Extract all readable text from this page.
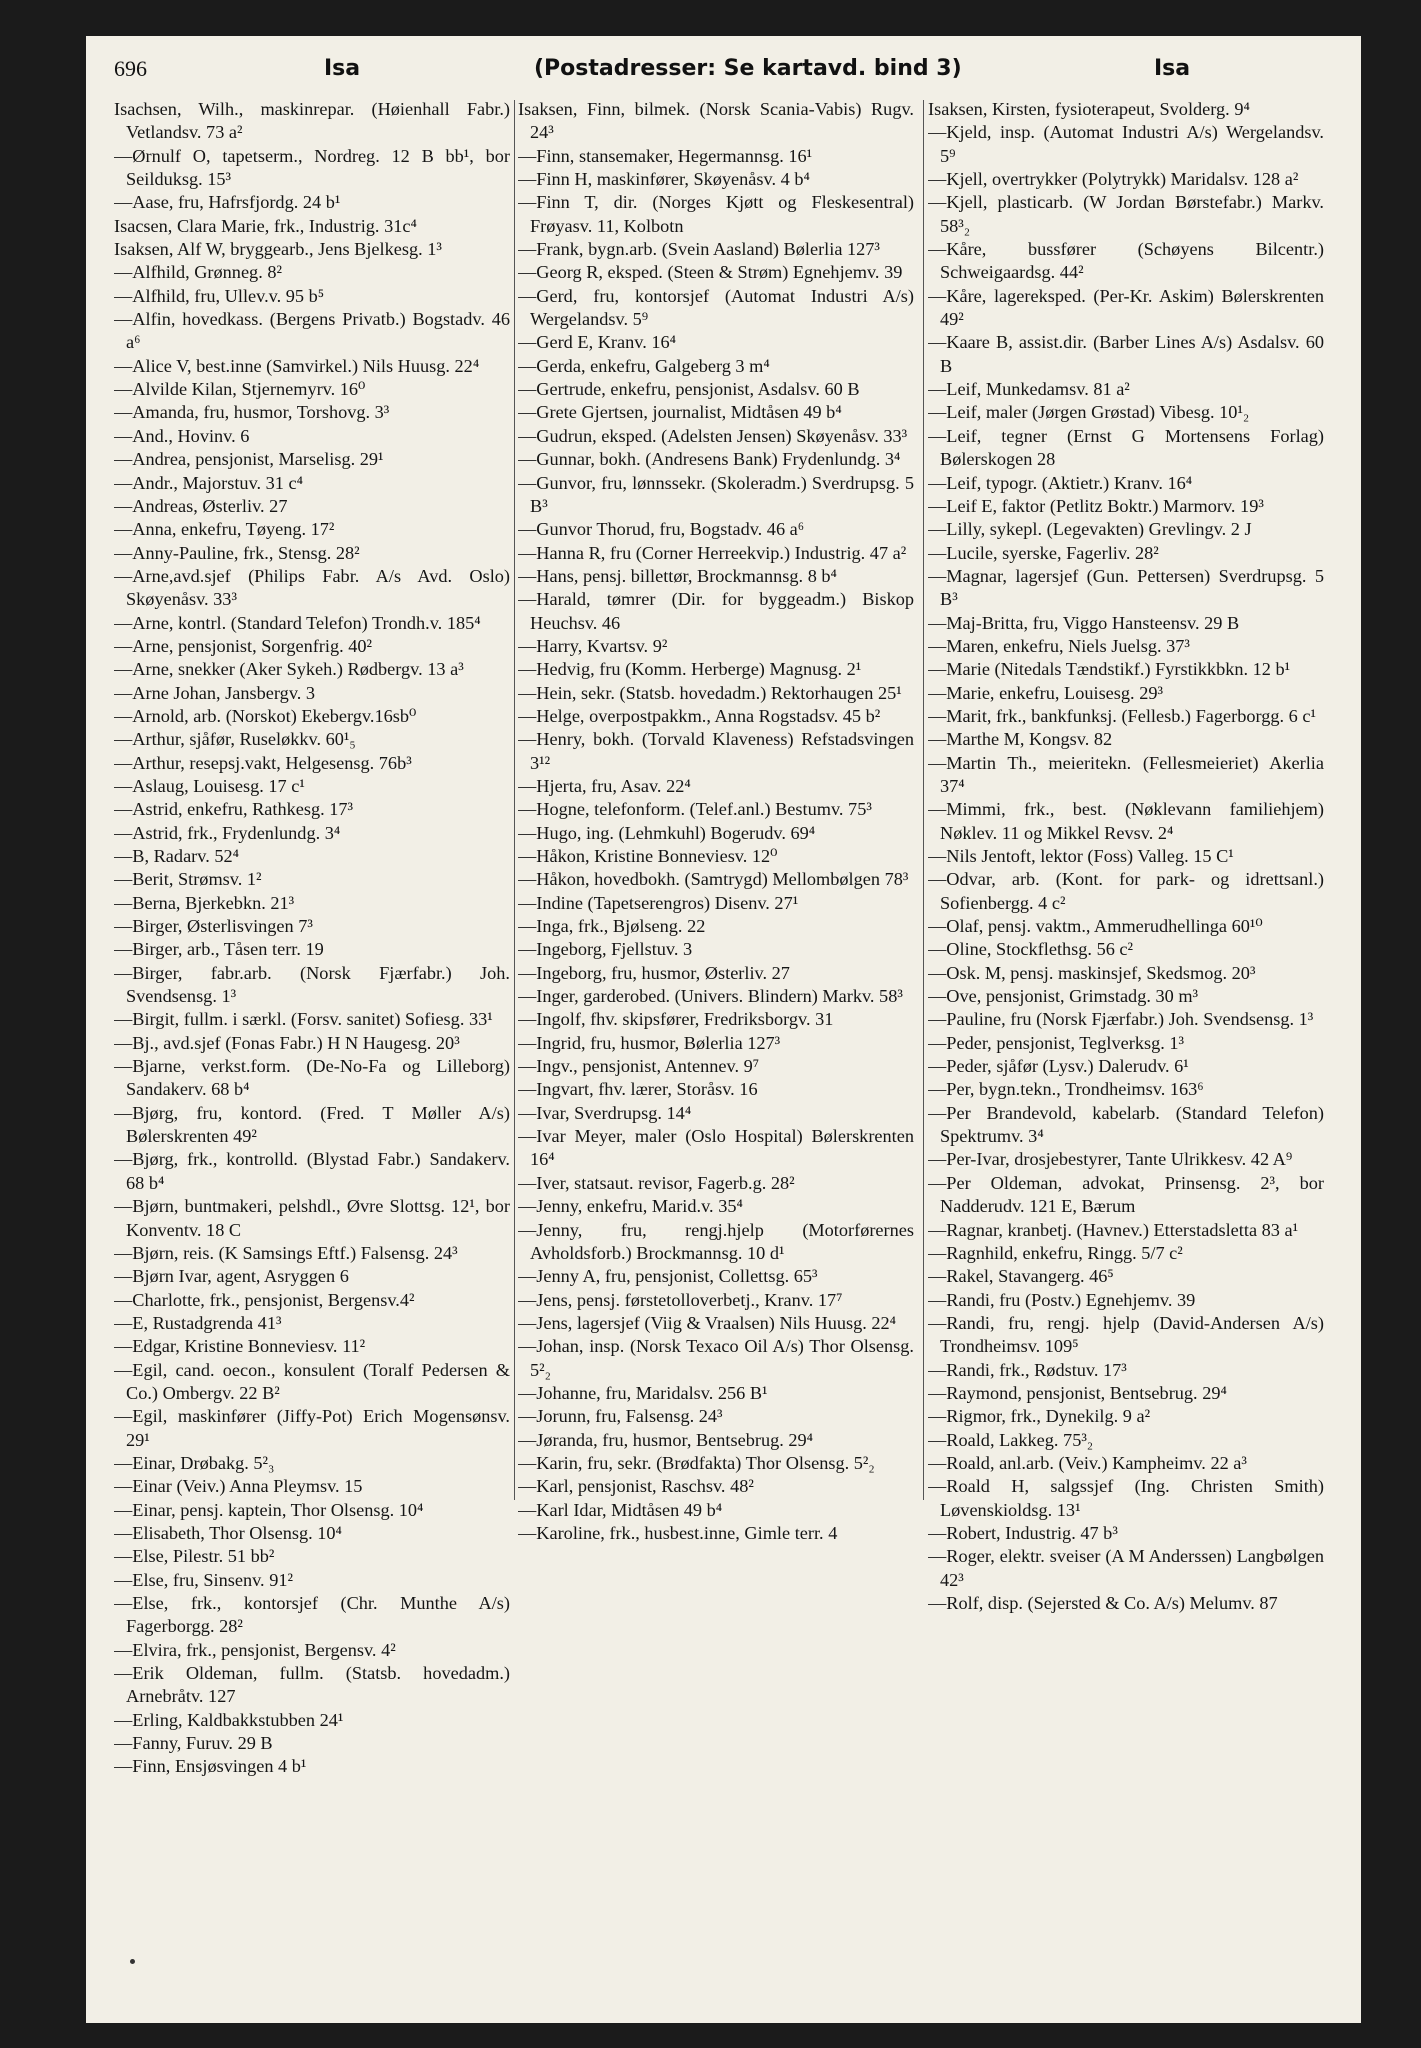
696	Isa	(Postadresser: Se kartavd. bind 3)	Isa

Isachsen, Wilh., maskinrepar. (Høienhall Fabr.) Vetlandsv. 73 a²

—Ørnulf O, tapetserm., Nordreg. 12 B bb¹, bor Seilduksg. 15³

—Aase, fru, Hafrsfjordg. 24 b¹

Isacsen, Clara Marie, frk., Industrig. 31c⁴

Isaksen, Alf W, bryggearb., Jens Bjelkesg. 1³

—Alfhild, Grønneg. 8²

—Alfhild, fru, Ullev.v. 95 b⁵

—Alfin, hovedkass. (Bergens Privatb.) Bogstadv. 46 a⁶

—Alice V, best.inne (Samvirkel.) Nils Huusg. 22⁴

—Alvilde Kilan, Stjernemyrv. 16⁰

—Amanda, fru, husmor, Torshovg. 3³

—And., Hovinv. 6

—Andrea, pensjonist, Marselisg. 29¹

—Andr., Majorstuv. 31 c⁴

—Andreas, Østerliv. 27

—Anna, enkefru, Tøyeng. 17²

—Anny-Pauline, frk., Stensg. 28²

—Arne,avd.sjef (Philips Fabr. A/s Avd. Oslo) Skøyenåsv. 33³

—Arne, kontrl. (Standard Telefon) Trondh.v. 185⁴

—Arne, pensjonist, Sorgenfrig. 40²

—Arne, snekker (Aker Sykeh.) Rødbergv. 13 a³

—Arne Johan, Jansbergv. 3

—Arnold, arb. (Norskot) Ekebergv.16sb⁰

—Arthur, sjåfør, Ruseløkkv. 60¹₅

—Arthur, resepsj.vakt, Helgesensg. 76b³

—Aslaug, Louisesg. 17 c¹

—Astrid, enkefru, Rathkesg. 17³

—Astrid, frk., Frydenlundg. 3⁴

—B, Radarv. 52⁴

—Berit, Strømsv. 1²

—Berna, Bjerkebkn. 21³

—Birger, Østerlisvingen 7³

—Birger, arb., Tåsen terr. 19

—Birger, fabr.arb. (Norsk Fjærfabr.) Joh. Svendsensg. 1³

—Birgit, fullm. i særkl. (Forsv. sanitet) Sofiesg. 33¹

—Bj., avd.sjef (Fonas Fabr.) H N Haugesg. 20³

—Bjarne, verkst.form. (De-No-Fa og Lilleborg) Sandakerv. 68 b⁴

—Bjørg, fru, kontord. (Fred. T Møller A/s) Bølerskrenten 49²

—Bjørg, frk., kontrolld. (Blystad Fabr.) Sandakerv. 68 b⁴

—Bjørn, buntmakeri, pelshdl., Øvre Slottsg. 12¹, bor Konventv. 18 C

—Bjørn, reis. (K Samsings Eftf.) Falsensg. 24³

—Bjørn Ivar, agent, Asryggen 6

—Charlotte, frk., pensjonist, Bergensv.4²

—E, Rustadgrenda 41³

—Edgar, Kristine Bonneviesv. 11²

—Egil, cand. oecon., konsulent (Toralf Pedersen & Co.) Ombergv. 22 B²

—Egil, maskinfører (Jiffy-Pot) Erich Mogensønsv. 29¹

—Einar, Drøbakg. 5²₃

—Einar (Veiv.) Anna Pleymsv. 15

—Einar, pensj. kaptein, Thor Olsensg. 10⁴

—Elisabeth, Thor Olsensg. 10⁴

—Else, Pilestr. 51 bb²

—Else, fru, Sinsenv. 91²

—Else, frk., kontorsjef (Chr. Munthe A/s) Fagerborgg. 28²

—Elvira, frk., pensjonist, Bergensv. 4²

—Erik Oldeman, fullm. (Statsb. hovedadm.) Arnebråtv. 127

—Erling, Kaldbakkstubben 24¹

—Fanny, Furuv. 29 B

—Finn, Ensjøsvingen 4 b¹

Isaksen, Finn, bilmek. (Norsk Scania-Vabis) Rugv. 24³

—Finn, stansemaker, Hegermannsg. 16¹

—Finn H, maskinfører, Skøyenåsv. 4 b⁴

—Finn T, dir. (Norges Kjøtt og Fleskesentral) Frøyasv. 11, Kolbotn

—Frank, bygn.arb. (Svein Aasland) Bølerlia 127³

—Georg R, eksped. (Steen & Strøm) Egnehjemv. 39

—Gerd, fru, kontorsjef (Automat Industri A/s) Wergelandsv. 5⁹

—Gerd E, Kranv. 16⁴

—Gerda, enkefru, Galgeberg 3 m⁴

—Gertrude, enkefru, pensjonist, Asdalsv. 60 B

—Grete Gjertsen, journalist, Midtåsen 49 b⁴

—Gudrun, eksped. (Adelsten Jensen) Skøyenåsv. 33³

—Gunnar, bokh. (Andresens Bank) Frydenlundg. 3⁴

—Gunvor, fru, lønnssekr. (Skoleradm.) Sverdrupsg. 5 B³

—Gunvor Thorud, fru, Bogstadv. 46 a⁶

—Hanna R, fru (Corner Herreekvip.) Industrig. 47 a²

—Hans, pensj. billettør, Brockmannsg. 8 b⁴

—Harald, tømrer (Dir. for byggeadm.) Biskop Heuchsv. 46

—Harry, Kvartsv. 9²

—Hedvig, fru (Komm. Herberge) Magnusg. 2¹

—Hein, sekr. (Statsb. hovedadm.) Rektorhaugen 25¹

—Helge, overpostpakkm., Anna Rogstadsv. 45 b²

—Henry, bokh. (Torvald Klaveness) Refstadsvingen 3¹²

—Hjerta, fru, Asav. 22⁴

—Hogne, telefonform. (Telef.anl.) Bestumv. 75³

—Hugo, ing. (Lehmkuhl) Bogerudv. 69⁴

—Håkon, Kristine Bonneviesv. 12⁰

—Håkon, hovedbokh. (Samtrygd) Mellombølgen 78³

—Indine (Tapetserengros) Disenv. 27¹

—Inga, frk., Bjølseng. 22

—Ingeborg, Fjellstuv. 3

—Ingeborg, fru, husmor, Østerliv. 27

—Inger, garderobed. (Univers. Blindern) Markv. 58³

—Ingolf, fhv. skipsfører, Fredriksborgv. 31

—Ingrid, fru, husmor, Bølerlia 127³

—Ingv., pensjonist, Antennev. 9⁷

—Ingvart, fhv. lærer, Storåsv. 16

—Ivar, Sverdrupsg. 14⁴

—Ivar Meyer, maler (Oslo Hospital) Bølerskrenten 16⁴

—Iver, statsaut. revisor, Fagerb.g. 28²

—Jenny, enkefru, Marid.v. 35⁴

—Jenny, fru, rengj.hjelp (Motorførernes Avholdsforb.) Brockmannsg. 10 d¹

—Jenny A, fru, pensjonist, Collettsg. 65³

—Jens, pensj. førstetolloverbetj., Kranv. 17⁷

—Jens, lagersjef (Viig & Vraalsen) Nils Huusg. 22⁴

—Johan, insp. (Norsk Texaco Oil A/s) Thor Olsensg. 5²₂

—Johanne, fru, Maridalsv. 256 B¹

—Jorunn, fru, Falsensg. 24³

—Jøranda, fru, husmor, Bentsebrug. 29⁴

—Karin, fru, sekr. (Brødfakta) Thor Olsensg. 5²₂

—Karl, pensjonist, Raschsv. 48²

—Karl Idar, Midtåsen 49 b⁴

—Karoline, frk., husbest.inne, Gimle terr. 4

Isaksen, Kirsten, fysioterapeut, Svolderg. 9⁴

—Kjeld, insp. (Automat Industri A/s) Wergelandsv. 5⁹

—Kjell, overtrykker (Polytrykk) Maridalsv. 128 a²

—Kjell, plasticarb. (W Jordan Børstefabr.) Markv. 58³₂

—Kåre, bussfører (Schøyens Bilcentr.) Schweigaardsg. 44²

—Kåre, lagereksped. (Per-Kr. Askim) Bølerskrenten 49²

—Kaare B, assist.dir. (Barber Lines A/s) Asdalsv. 60 B

—Leif, Munkedamsv. 81 a²

—Leif, maler (Jørgen Grøstad) Vibesg. 10¹₂

—Leif, tegner (Ernst G Mortensens Forlag) Bølerskogen 28

—Leif, typogr. (Aktietr.) Kranv. 16⁴

—Leif E, faktor (Petlitz Boktr.) Marmorv. 19³

—Lilly, sykepl. (Legevakten) Grevlingv. 2 J

—Lucile, syerske, Fagerliv. 28²

—Magnar, lagersjef (Gun. Pettersen) Sverdrupsg. 5 B³

—Maj-Britta, fru, Viggo Hansteensv. 29 B

—Maren, enkefru, Niels Juelsg. 37³

—Marie (Nitedals Tændstikf.) Fyrstikkbkn. 12 b¹

—Marie, enkefru, Louisesg. 29³

—Marit, frk., bankfunksj. (Fellesb.) Fagerborgg. 6 c¹

—Marthe M, Kongsv. 82

—Martin Th., meieritekn. (Fellesmeieriet) Akerlia 37⁴

—Mimmi, frk., best. (Nøklevann familiehjem) Nøklev. 11 og Mikkel Revsv. 2⁴

—Nils Jentoft, lektor (Foss) Valleg. 15 C¹

—Odvar, arb. (Kont. for park- og idrettsanl.) Sofienbergg. 4 c²

—Olaf, pensj. vaktm., Ammerudhellinga 60¹⁰

—Oline, Stockflethsg. 56 c²

—Osk. M, pensj. maskinsjef, Skedsmog. 20³

—Ove, pensjonist, Grimstadg. 30 m³

—Pauline, fru (Norsk Fjærfabr.) Joh. Svendsensg. 1³

—Peder, pensjonist, Teglverksg. 1³

—Peder, sjåfør (Lysv.) Dalerudv. 6¹

—Per, bygn.tekn., Trondheimsv. 163⁶

—Per Brandevold, kabelarb. (Standard Telefon) Spektrumv. 3⁴

—Per-Ivar, drosjebestyrer, Tante Ulrikkesv. 42 A⁹

—Per Oldeman, advokat, Prinsensg. 2³, bor Nadderudv. 121 E, Bærum

—Ragnar, kranbetj. (Havnev.) Etterstadsletta 83 a¹

—Ragnhild, enkefru, Ringg. 5/7 c²

—Rakel, Stavangerg. 46⁵

—Randi, fru (Postv.) Egnehjemv. 39

—Randi, fru, rengj. hjelp (David-Andersen A/s) Trondheimsv. 109⁵

—Randi, frk., Rødstuv. 17³

—Raymond, pensjonist, Bentsebrug. 29⁴

—Rigmor, frk., Dynekilg. 9 a²

—Roald, Lakkeg. 75³₂

—Roald, anl.arb. (Veiv.) Kampheimv. 22 a³

—Roald H, salgssjef (Ing. Christen Smith) Løvenskioldsg. 13¹

—Robert, Industrig. 47 b³

—Roger, elektr. sveiser (A M Anderssen) Langbølgen 42³

—Rolf, disp. (Sejersted & Co. A/s) Melumv. 87
